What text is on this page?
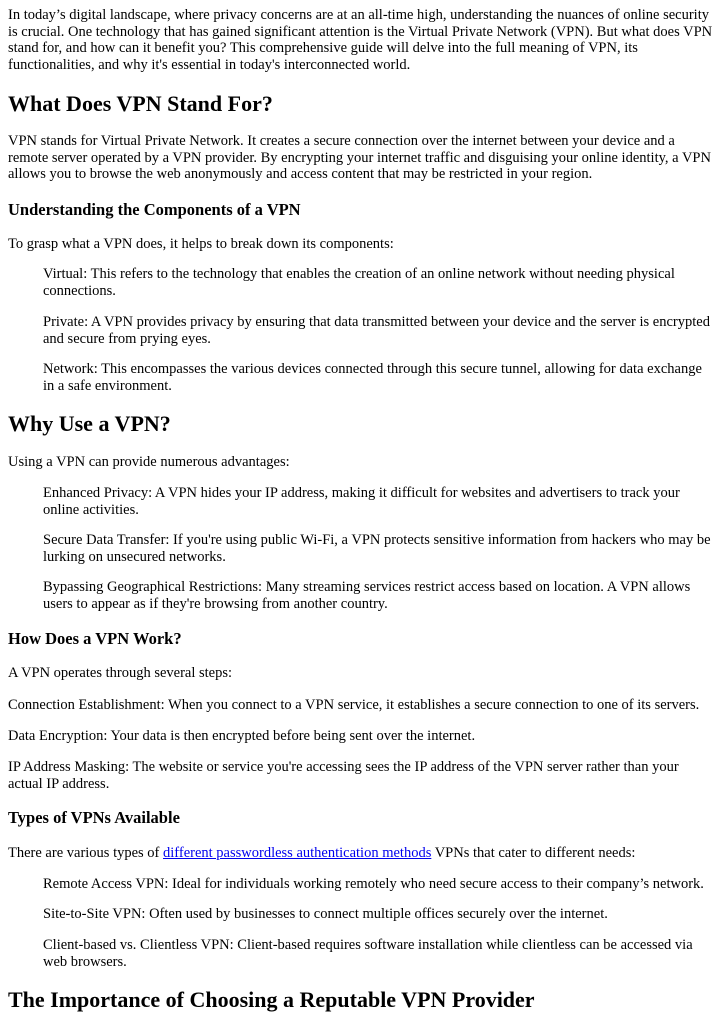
In today’s digital landscape, where privacy concerns are at an all-time high, understanding the nuances of online security is crucial. One technology that has gained significant attention is the Virtual Private Network (VPN). But what does VPN stand for, and how can it benefit you? This comprehensive guide will delve into the full meaning of VPN, its functionalities, and why it's essential in today's interconnected world.

What Does VPN Stand For?

VPN stands for Virtual Private Network. It creates a secure connection over the internet between your device and a remote server operated by a VPN provider. By encrypting your internet traffic and disguising your online identity, a VPN allows you to browse the web anonymously and access content that may be restricted in your region.

Understanding the Components of a VPN

To grasp what a VPN does, it helps to break down its components:

Virtual: This refers to the technology that enables the creation of an online network without needing physical connections.

Private: A VPN provides privacy by ensuring that data transmitted between your device and the server is encrypted and secure from prying eyes.

Network: This encompasses the various devices connected through this secure tunnel, allowing for data exchange in a safe environment.

Why Use a VPN?

Using a VPN can provide numerous advantages:

Enhanced Privacy: A VPN hides your IP address, making it difficult for websites and advertisers to track your online activities.

Secure Data Transfer: If you're using public Wi-Fi, a VPN protects sensitive information from hackers who may be lurking on unsecured networks.

Bypassing Geographical Restrictions: Many streaming services restrict access based on location. A VPN allows users to appear as if they're browsing from another country.

How Does a VPN Work?

A VPN operates through several steps:

Connection Establishment: When you connect to a VPN service, it establishes a secure connection to one of its servers.

Data Encryption: Your data is then encrypted before being sent over the internet.

IP Address Masking: The website or service you're accessing sees the IP address of the VPN server rather than your actual IP address.

Types of VPNs Available

There are various types of different passwordless authentication methods VPNs that cater to different needs:

Remote Access VPN: Ideal for individuals working remotely who need secure access to their company’s network.

Site-to-Site VPN: Often used by businesses to connect multiple offices securely over the internet.

Client-based vs. Clientless VPN: Client-based requires software installation while clientless can be accessed via web browsers.

The Importance of Choosing a Reputable VPN Provider
